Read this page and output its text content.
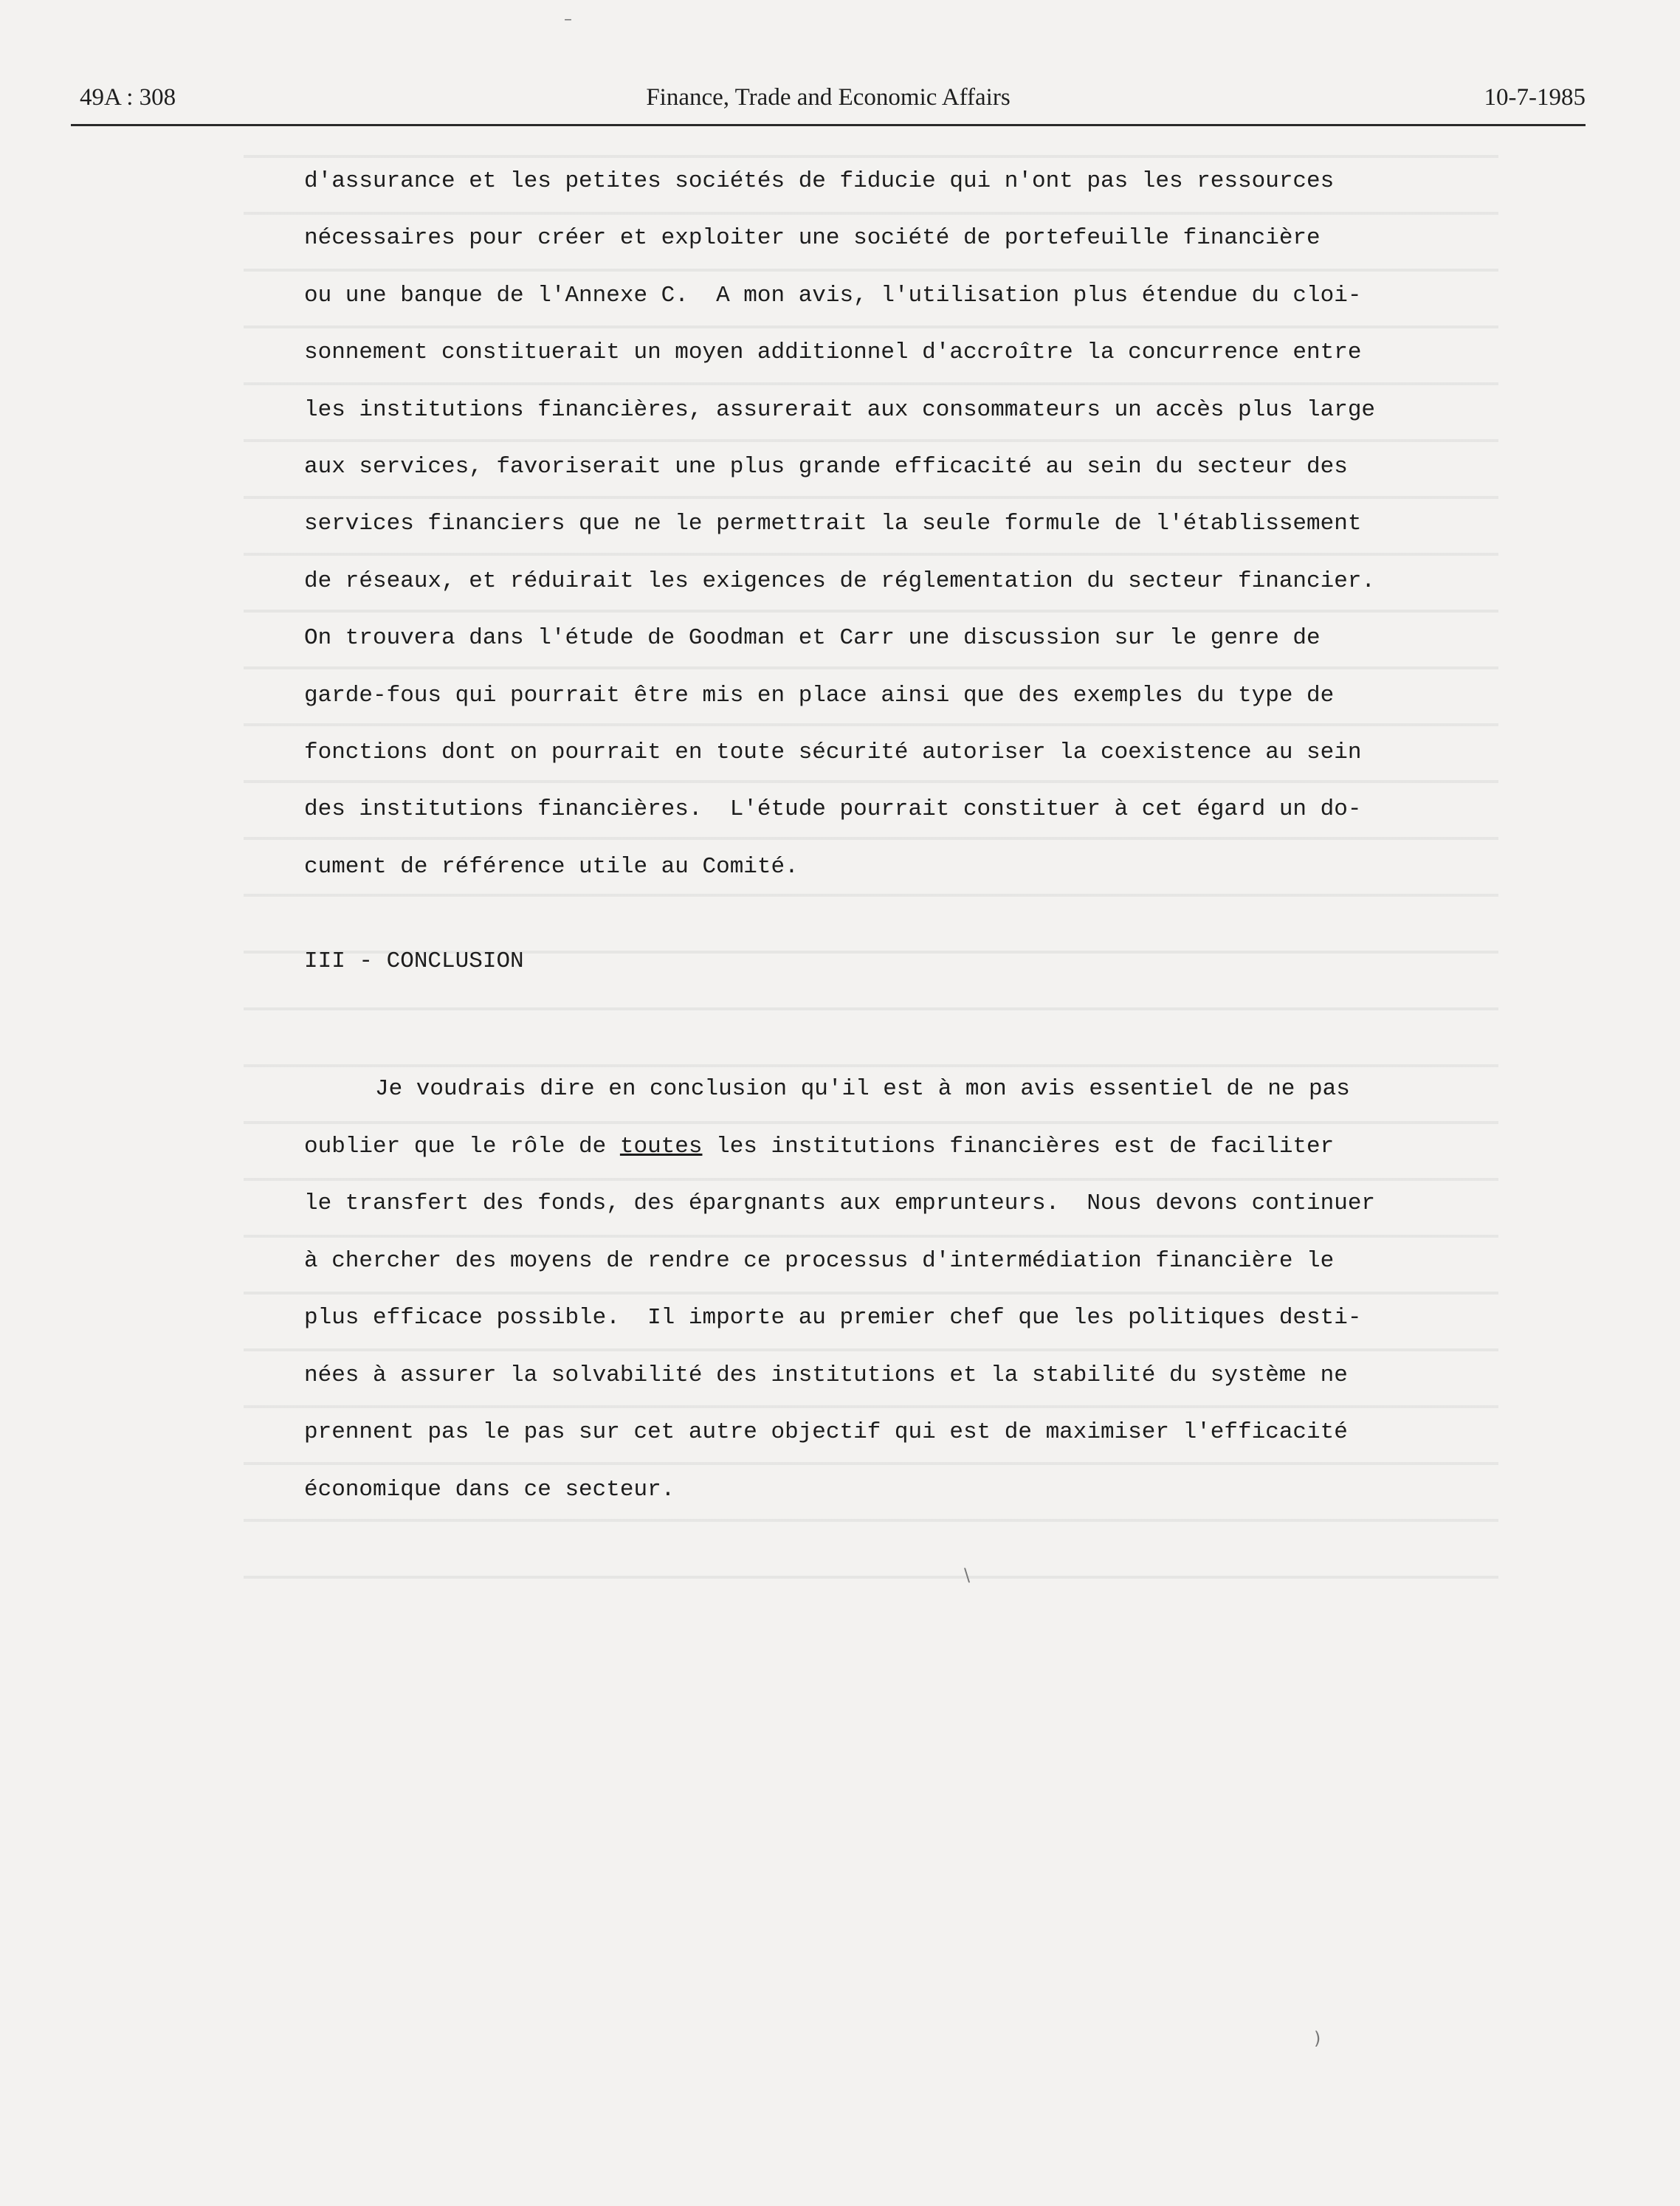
49A : 308	Finance, Trade and Economic Affairs	10-7-1985
d'assurance et les petites sociétés de fiducie qui n'ont pas les ressources
nécessaires pour créer et exploiter une société de portefeuille financière
ou une banque de l'Annexe C.  A mon avis, l'utilisation plus étendue du cloi-
sonnement constituerait un moyen additionnel d'accroître la concurrence entre
les institutions financières, assurerait aux consommateurs un accès plus large
aux services, favoriserait une plus grande efficacité au sein du secteur des
services financiers que ne le permettrait la seule formule de l'établissement
de réseaux, et réduirait les exigences de réglementation du secteur financier.
On trouvera dans l'étude de Goodman et Carr une discussion sur le genre de
garde-fous qui pourrait être mis en place ainsi que des exemples du type de
fonctions dont on pourrait en toute sécurité autoriser la coexistence au sein
des institutions financières.  L'étude pourrait constituer à cet égard un do-
cument de référence utile au Comité.
III - CONCLUSION
Je voudrais dire en conclusion qu'il est à mon avis essentiel de ne pas
oublier que le rôle de toutes les institutions financières est de faciliter
le transfert des fonds, des épargnants aux emprunteurs.  Nous devons continuer
à chercher des moyens de rendre ce processus d'intermédiation financière le
plus efficace possible.  Il importe au premier chef que les politiques desti-
nées à assurer la solvabilité des institutions et la stabilité du système ne
prennent pas le pas sur cet autre objectif qui est de maximiser l'efficacité
économique dans ce secteur.
–
\
)
